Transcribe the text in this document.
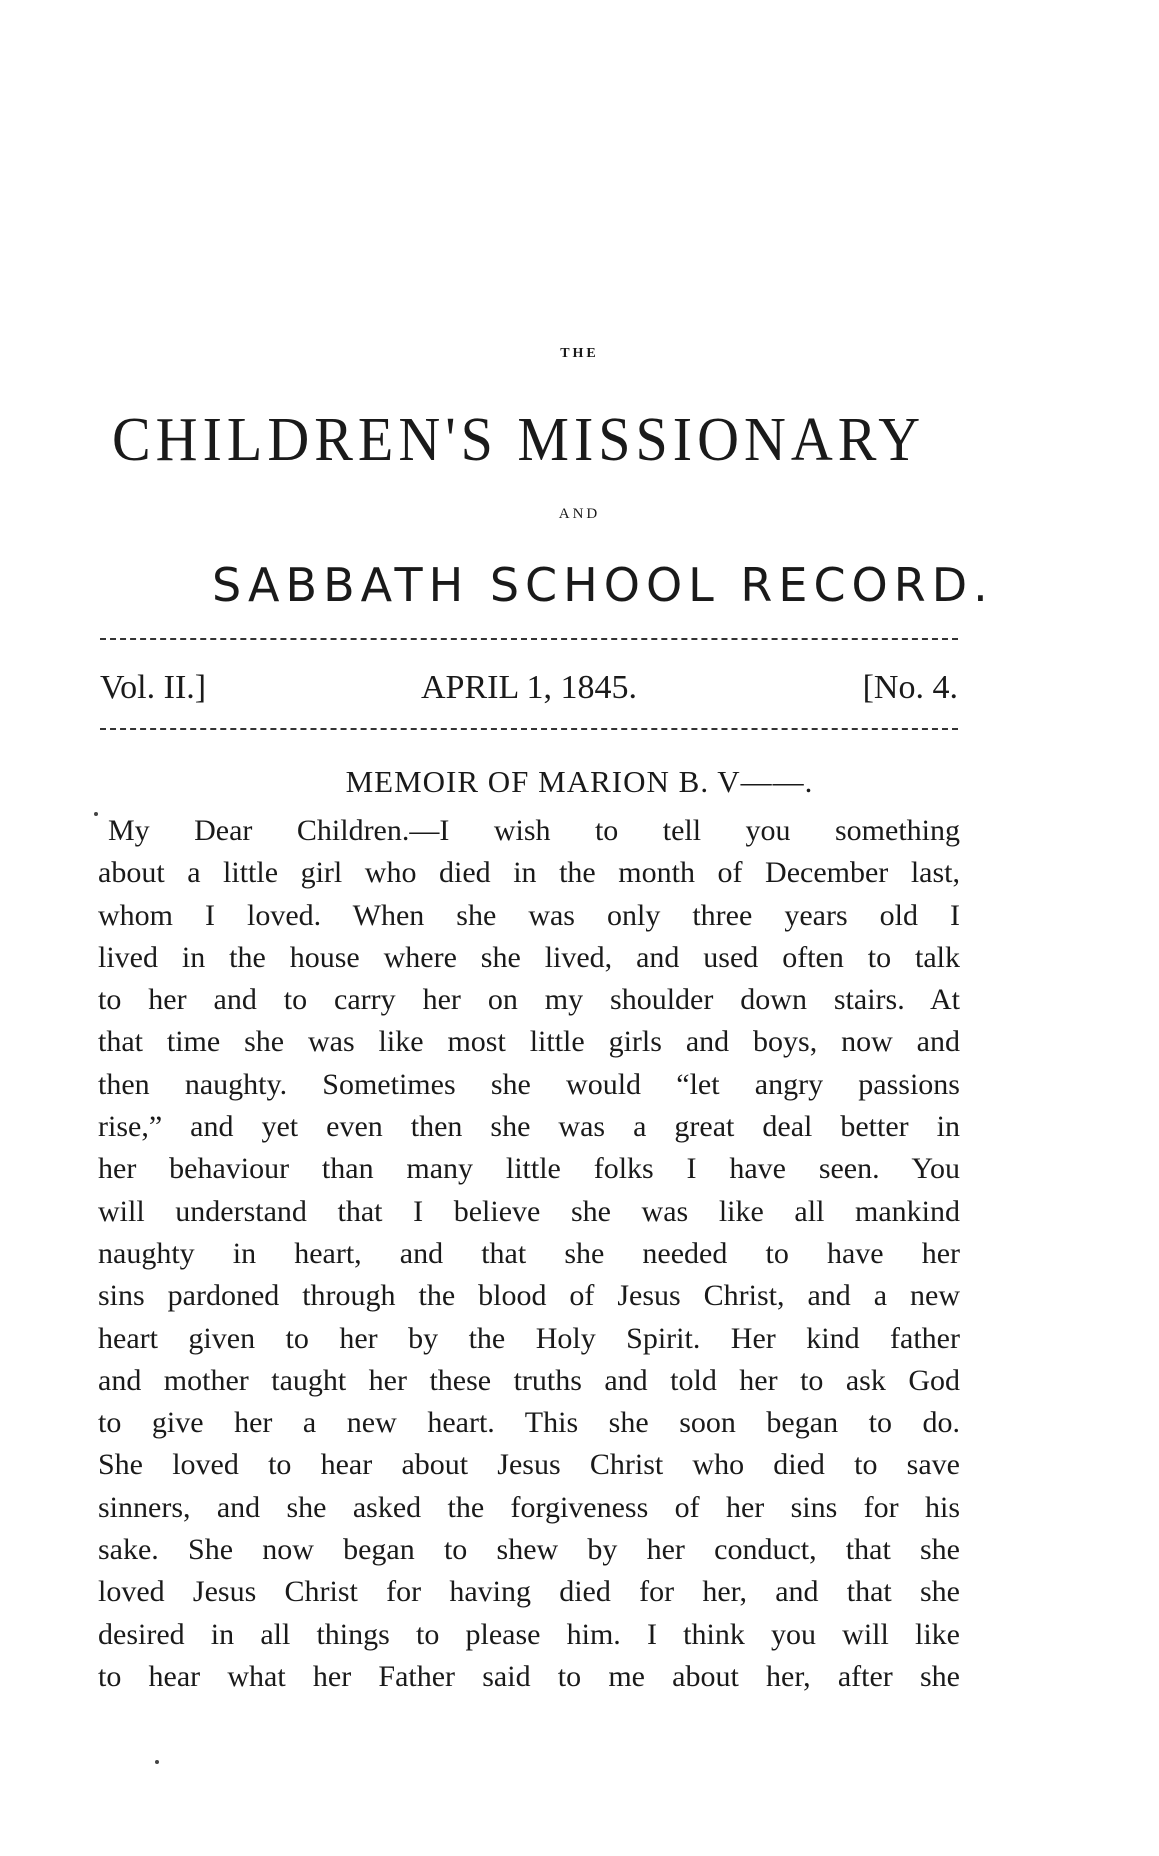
THE
CHILDREN'S MISSIONARY
AND
SABBATH SCHOOL RECORD.
Vol. II.]	APRIL 1, 1845.	[No. 4.
MEMOIR OF MARION B. V——.
My Dear Children.—I wish to tell you something
about a little girl who died in the month of December last,
whom I loved. When she was only three years old I
lived in the house where she lived, and used often to talk
to her and to carry her on my shoulder down stairs. At
that time she was like most little girls and boys, now and
then naughty. Sometimes she would “let angry passions
rise,” and yet even then she was a great deal better in
her behaviour than many little folks I have seen. You
will understand that I believe she was like all mankind
naughty in heart, and that she needed to have her
sins pardoned through the blood of Jesus Christ, and a new
heart given to her by the Holy Spirit. Her kind father
and mother taught her these truths and told her to ask God
to give her a new heart. This she soon began to do.
She loved to hear about Jesus Christ who died to save
sinners, and she asked the forgiveness of her sins for his
sake. She now began to shew by her conduct, that she
loved Jesus Christ for having died for her, and that she
desired in all things to please him. I think you will like
to hear what her Father said to me about her, after she
